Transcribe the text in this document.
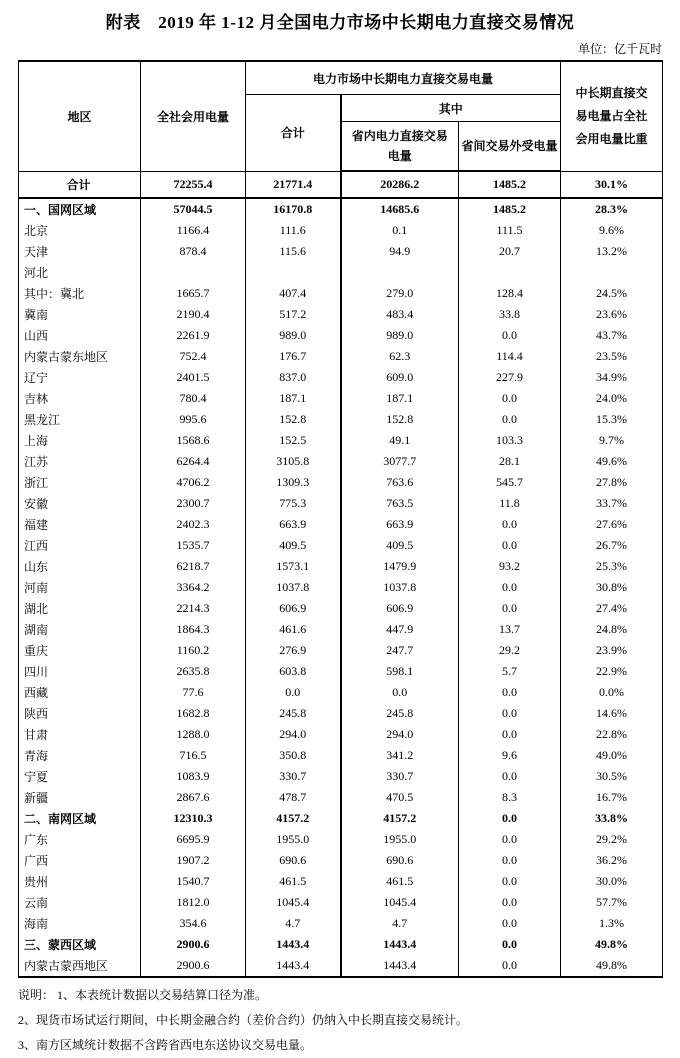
附表　2019 年 1-12 月全国电力市场中长期电力直接交易情况
单位：亿千瓦时
地区	全社会用电量	电力市场中长期电力直接交易电量			中长期直接交易电量占全社会用电量比重
		合计	其中		
			省内电力直接交易电量	省间交易外受电量	
合计	72255.4	21771.4	20286.2	1485.2	30.1%
一、国网区域	57044.5	16170.8	14685.6	1485.2	28.3%
北京	1166.4	111.6	0.1	111.5	9.6%
天津	878.4	115.6	94.9	20.7	13.2%
河北					
其中：冀北	1665.7	407.4	279.0	128.4	24.5%
冀南	2190.4	517.2	483.4	33.8	23.6%
山西	2261.9	989.0	989.0	0.0	43.7%
内蒙古蒙东地区	752.4	176.7	62.3	114.4	23.5%
辽宁	2401.5	837.0	609.0	227.9	34.9%
吉林	780.4	187.1	187.1	0.0	24.0%
黑龙江	995.6	152.8	152.8	0.0	15.3%
上海	1568.6	152.5	49.1	103.3	9.7%
江苏	6264.4	3105.8	3077.7	28.1	49.6%
浙江	4706.2	1309.3	763.6	545.7	27.8%
安徽	2300.7	775.3	763.5	11.8	33.7%
福建	2402.3	663.9	663.9	0.0	27.6%
江西	1535.7	409.5	409.5	0.0	26.7%
山东	6218.7	1573.1	1479.9	93.2	25.3%
河南	3364.2	1037.8	1037.8	0.0	30.8%
湖北	2214.3	606.9	606.9	0.0	27.4%
湖南	1864.3	461.6	447.9	13.7	24.8%
重庆	1160.2	276.9	247.7	29.2	23.9%
四川	2635.8	603.8	598.1	5.7	22.9%
西藏	77.6	0.0	0.0	0.0	0.0%
陕西	1682.8	245.8	245.8	0.0	14.6%
甘肃	1288.0	294.0	294.0	0.0	22.8%
青海	716.5	350.8	341.2	9.6	49.0%
宁夏	1083.9	330.7	330.7	0.0	30.5%
新疆	2867.6	478.7	470.5	8.3	16.7%
二、南网区域	12310.3	4157.2	4157.2	0.0	33.8%
广东	6695.9	1955.0	1955.0	0.0	29.2%
广西	1907.2	690.6	690.6	0.0	36.2%
贵州	1540.7	461.5	461.5	0.0	30.0%
云南	1812.0	1045.4	1045.4	0.0	57.7%
海南	354.6	4.7	4.7	0.0	1.3%
三、蒙西区域	2900.6	1443.4	1443.4	0.0	49.8%
内蒙古蒙西地区	2900.6	1443.4	1443.4	0.0	49.8%
说明： 1、本表统计数据以交易结算口径为准。
2、现货市场试运行期间，中长期金融合约（差价合约）仍纳入中长期直接交易统计。
3、南方区域统计数据不含跨省西电东送协议交易电量。
